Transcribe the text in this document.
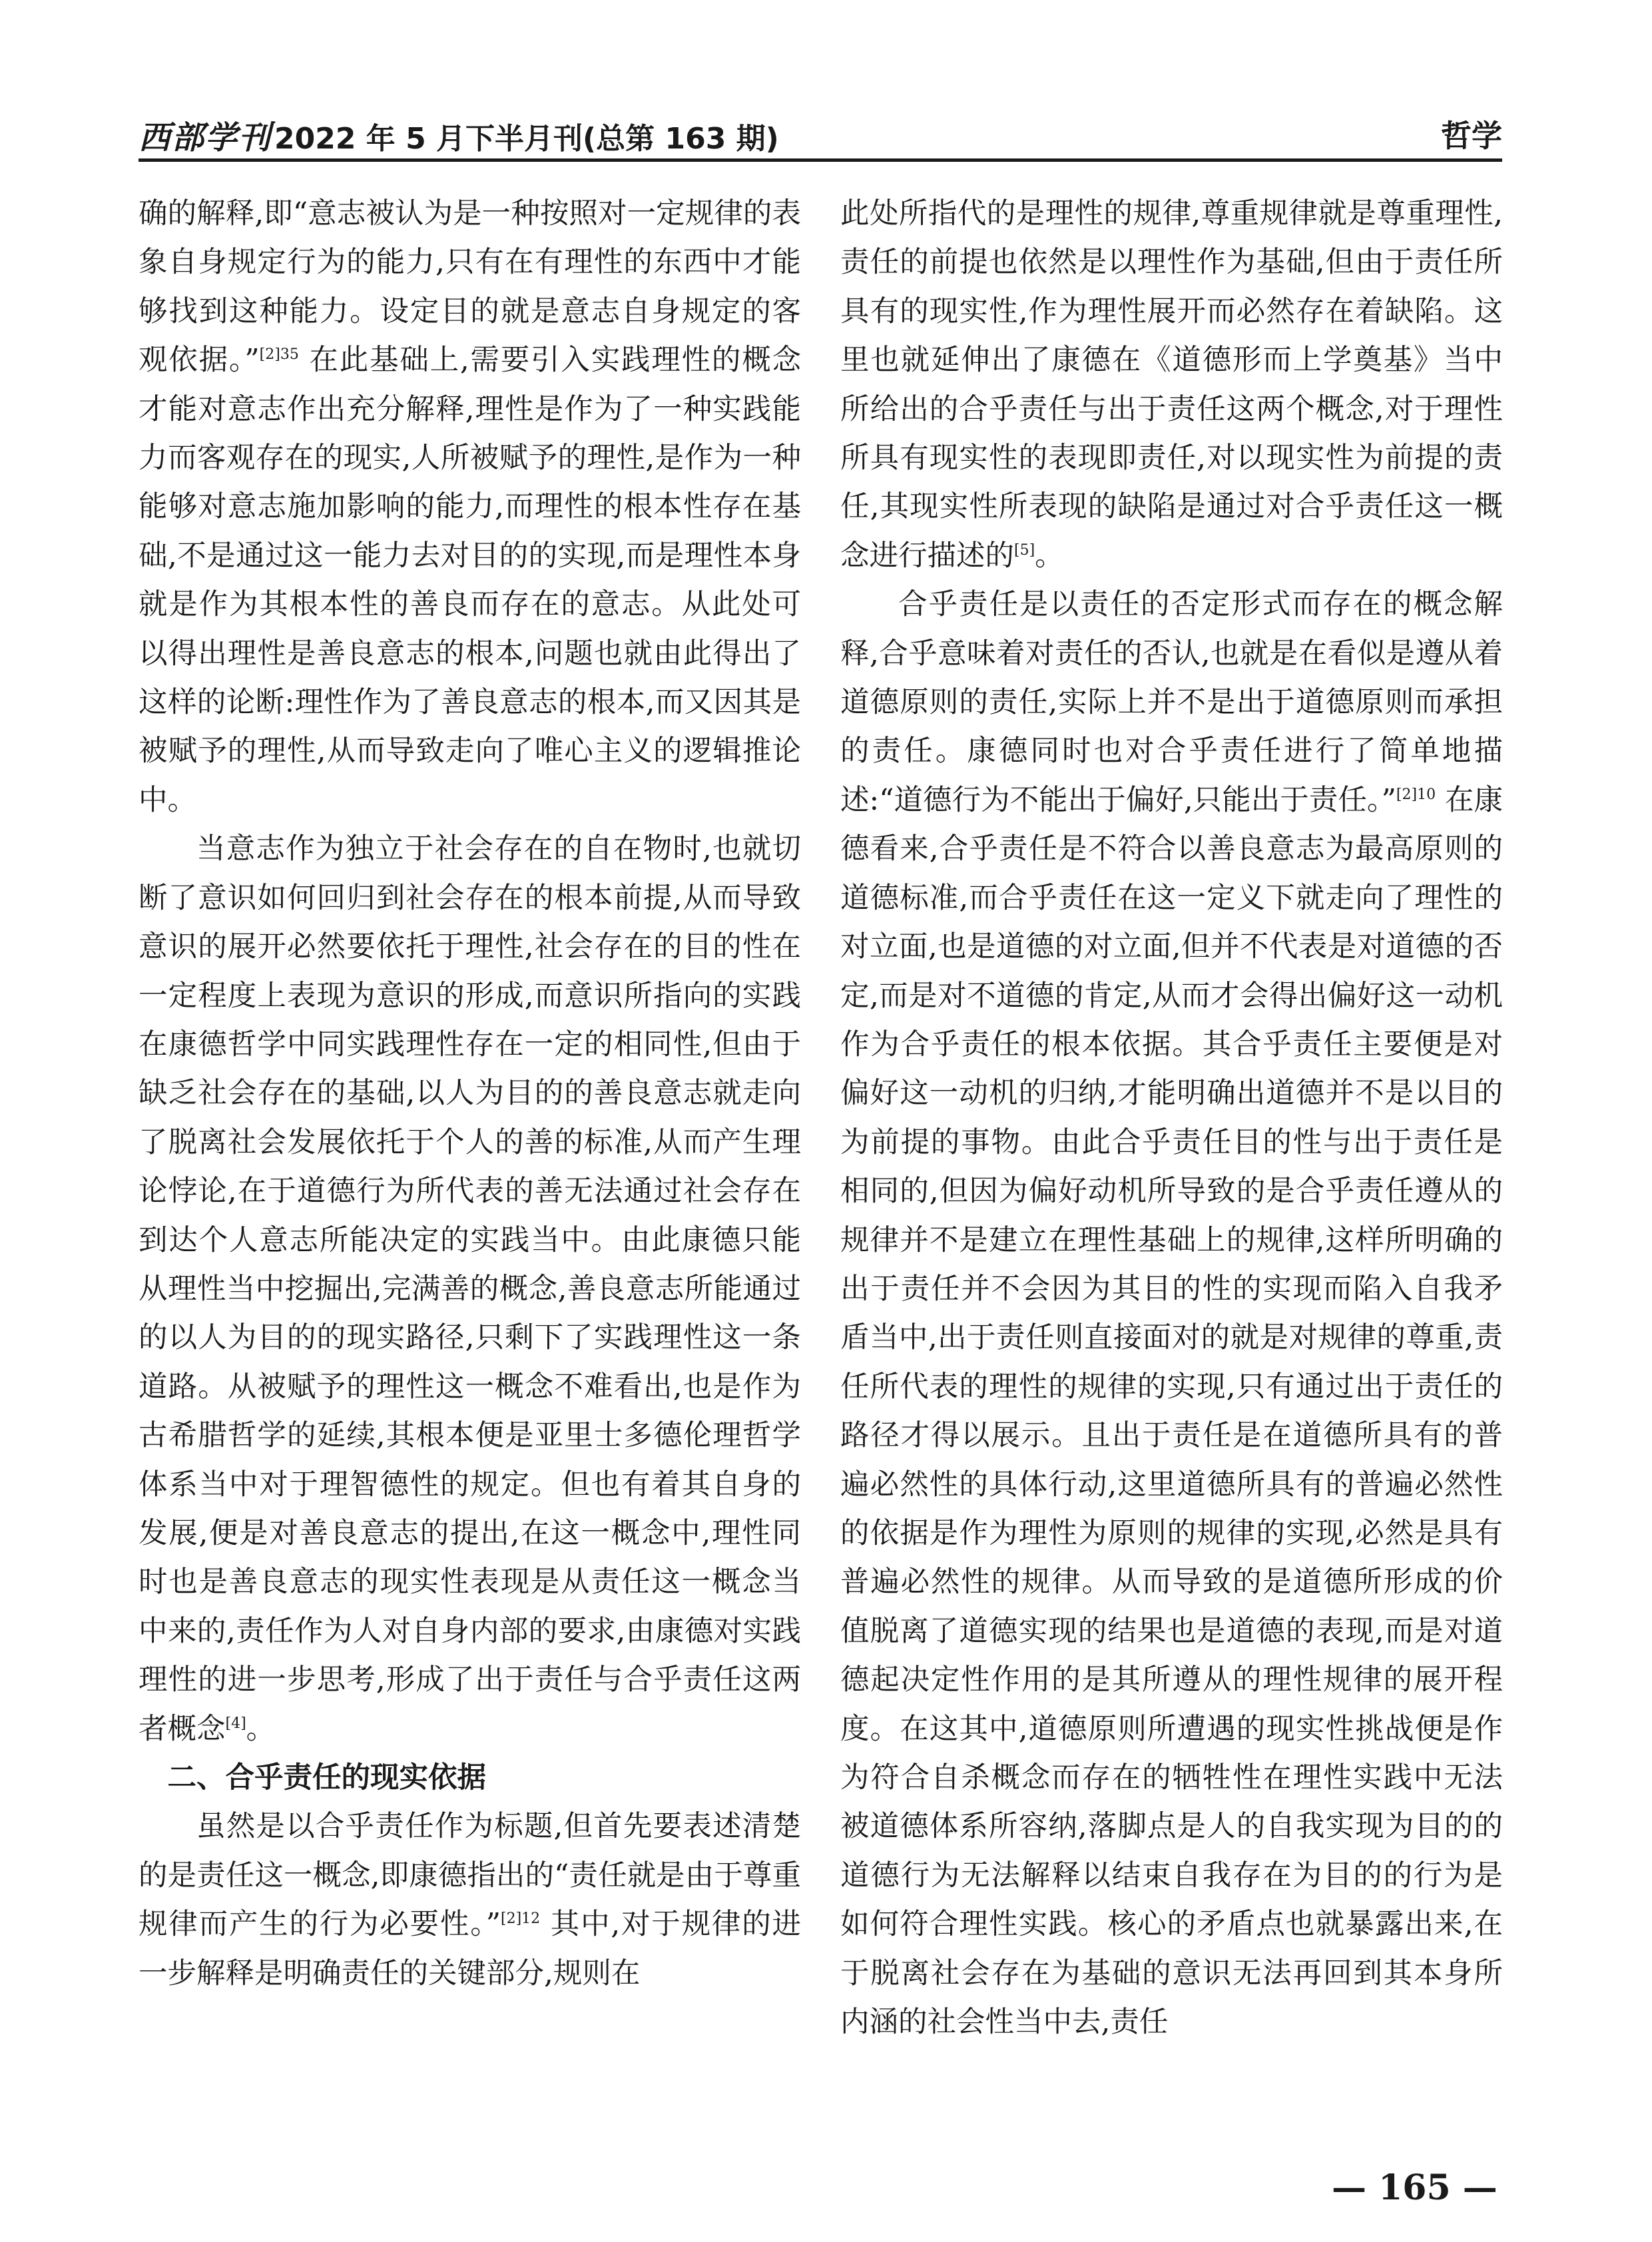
西部学刊2022 年 5 月下半月刊(总第 163 期)	哲学

确的解释,即“意志被认为是一种按照对一定规律的表象自身规定行为的能力,只有在有理性的东西中才能够找到这种能力。设定目的就是意志自身规定的客观依据。”$^{[2]35}$ 在此基础上,需要引入实践理性的概念才能对意志作出充分解释,理性是作为了一种实践能力而客观存在的现实,人所被赋予的理性,是作为一种能够对意志施加影响的能力,而理性的根本性存在基础,不是通过这一能力去对目的的实现,而是理性本身就是作为其根本性的善良而存在的意志。从此处可以得出理性是善良意志的根本,问题也就由此得出了这样的论断:理性作为了善良意志的根本,而又因其是被赋予的理性,从而导致走向了唯心主义的逻辑推论中。

当意志作为独立于社会存在的自在物时,也就切断了意识如何回归到社会存在的根本前提,从而导致意识的展开必然要依托于理性,社会存在的目的性在一定程度上表现为意识的形成,而意识所指向的实践在康德哲学中同实践理性存在一定的相同性,但由于缺乏社会存在的基础,以人为目的的善良意志就走向了脱离社会发展依托于个人的善的标准,从而产生理论悖论,在于道德行为所代表的善无法通过社会存在到达个人意志所能决定的实践当中。由此康德只能从理性当中挖掘出,完满善的概念,善良意志所能通过的以人为目的的现实路径,只剩下了实践理性这一条道路。从被赋予的理性这一概念不难看出,也是作为古希腊哲学的延续,其根本便是亚里士多德伦理哲学体系当中对于理智德性的规定。但也有着其自身的发展,便是对善良意志的提出,在这一概念中,理性同时也是善良意志的现实性表现是从责任这一概念当中来的,责任作为人对自身内部的要求,由康德对实践理性的进一步思考,形成了出于责任与合乎责任这两者概念[4]。

二、合乎责任的现实依据

虽然是以合乎责任作为标题,但首先要表述清楚的是责任这一概念,即康德指出的“责任就是由于尊重规律而产生的行为必要性。”$^{[2]12}$ 其中,对于规律的进一步解释是明确责任的关键部分,规则在

此处所指代的是理性的规律,尊重规律就是尊重理性,责任的前提也依然是以理性作为基础,但由于责任所具有的现实性,作为理性展开而必然存在着缺陷。这里也就延伸出了康德在《道德形而上学奠基》当中所给出的合乎责任与出于责任这两个概念,对于理性所具有现实性的表现即责任,对以现实性为前提的责任,其现实性所表现的缺陷是通过对合乎责任这一概念进行描述的[5]。

合乎责任是以责任的否定形式而存在的概念解释,合乎意味着对责任的否认,也就是在看似是遵从着道德原则的责任,实际上并不是出于道德原则而承担的责任。康德同时也对合乎责任进行了简单地描述:“道德行为不能出于偏好,只能出于责任。”$^{[2]10}$ 在康德看来,合乎责任是不符合以善良意志为最高原则的道德标准,而合乎责任在这一定义下就走向了理性的对立面,也是道德的对立面,但并不代表是对道德的否定,而是对不道德的肯定,从而才会得出偏好这一动机作为合乎责任的根本依据。其合乎责任主要便是对偏好这一动机的归纳,才能明确出道德并不是以目的为前提的事物。由此合乎责任目的性与出于责任是相同的,但因为偏好动机所导致的是合乎责任遵从的规律并不是建立在理性基础上的规律,这样所明确的出于责任并不会因为其目的性的实现而陷入自我矛盾当中,出于责任则直接面对的就是对规律的尊重,责任所代表的理性的规律的实现,只有通过出于责任的路径才得以展示。且出于责任是在道德所具有的普遍必然性的具体行动,这里道德所具有的普遍必然性的依据是作为理性为原则的规律的实现,必然是具有普遍必然性的规律。从而导致的是道德所形成的价值脱离了道德实现的结果也是道德的表现,而是对道德起决定性作用的是其所遵从的理性规律的展开程度。在这其中,道德原则所遭遇的现实性挑战便是作为符合自杀概念而存在的牺牲性在理性实践中无法被道德体系所容纳,落脚点是人的自我实现为目的的道德行为无法解释以结束自我存在为目的的行为是如何符合理性实践。核心的矛盾点也就暴露出来,在于脱离社会存在为基础的意识无法再回到其本身所内涵的社会性当中去,责任

— 165 —
